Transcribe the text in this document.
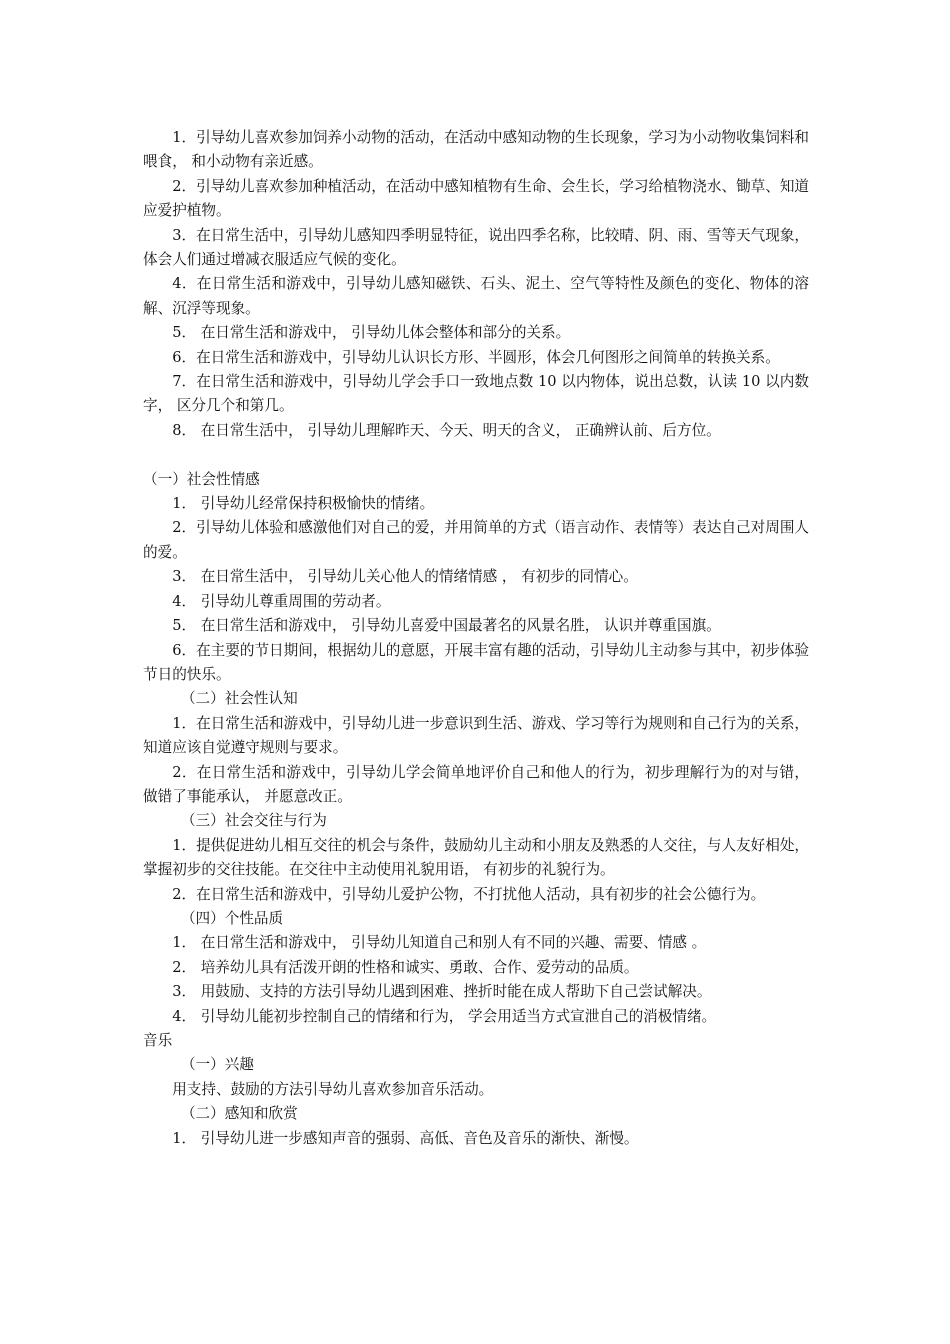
1．引导幼儿喜欢参加饲养小动物的活动，在活动中感知动物的生长现象，学习为小动物收集饲料和喂食， 和小动物有亲近感。

2．引导幼儿喜欢参加种植活动，在活动中感知植物有生命、会生长，学习给植物浇水、锄草、知道应爱护植物。

3．在日常生活中，引导幼儿感知四季明显特征，说出四季名称，比较晴、阴、雨、雪等天气现象，体会人们通过增减衣服适应气候的变化。

4．在日常生活和游戏中，引导幼儿感知磁铁、石头、泥土、空气等特性及颜色的变化、物体的溶解、沉浮等现象。

5． 在日常生活和游戏中， 引导幼儿体会整体和部分的关系。

6．在日常生活和游戏中，引导幼儿认识长方形、半圆形，体会几何图形之间简单的转换关系。

7．在日常生活和游戏中，引导幼儿学会手口一致地点数 10 以内物体，说出总数，认读 10 以内数字， 区分几个和第几。

8． 在日常生活中， 引导幼儿理解昨天、今天、明天的含义， 正确辨认前、后方位。

（一）社会性情感

1． 引导幼儿经常保持积极愉快的情绪。

2．引导幼儿体验和感激他们对自己的爱，并用简单的方式（语言动作、表情等）表达自己对周围人的爱。

3． 在日常生活中， 引导幼儿关心他人的情绪情感 ， 有初步的同情心。

4． 引导幼儿尊重周围的劳动者。

5． 在日常生活和游戏中， 引导幼儿喜爱中国最著名的风景名胜， 认识并尊重国旗。

6．在主要的节日期间，根据幼儿的意愿，开展丰富有趣的活动，引导幼儿主动参与其中，初步体验节日的快乐。

（二）社会性认知

1．在日常生活和游戏中，引导幼儿进一步意识到生活、游戏、学习等行为规则和自己行为的关系， 知道应该自觉遵守规则与要求。

2．在日常生活和游戏中，引导幼儿学会简单地评价自己和他人的行为，初步理解行为的对与错， 做错了事能承认， 并愿意改正。

（三）社会交往与行为

1．提供促进幼儿相互交往的机会与条件，鼓励幼儿主动和小朋友及熟悉的人交往，与人友好相处， 掌握初步的交往技能。在交往中主动使用礼貌用语， 有初步的礼貌行为。

2．在日常生活和游戏中，引导幼儿爱护公物，不打扰他人活动，具有初步的社会公德行为。

（四）个性品质

1． 在日常生活和游戏中， 引导幼儿知道自己和别人有不同的兴趣、需要、情感 。

2． 培养幼儿具有活泼开朗的性格和诚实、勇敢、合作、爱劳动的品质。

3． 用鼓励、支持的方法引导幼儿遇到困难、挫折时能在成人帮助下自己尝试解决。

4． 引导幼儿能初步控制自己的情绪和行为， 学会用适当方式宣泄自己的消极情绪。

音乐

（一）兴趣

用支持、鼓励的方法引导幼儿喜欢参加音乐活动。

（二）感知和欣赏

1． 引导幼儿进一步感知声音的强弱、高低、音色及音乐的渐快、渐慢。
